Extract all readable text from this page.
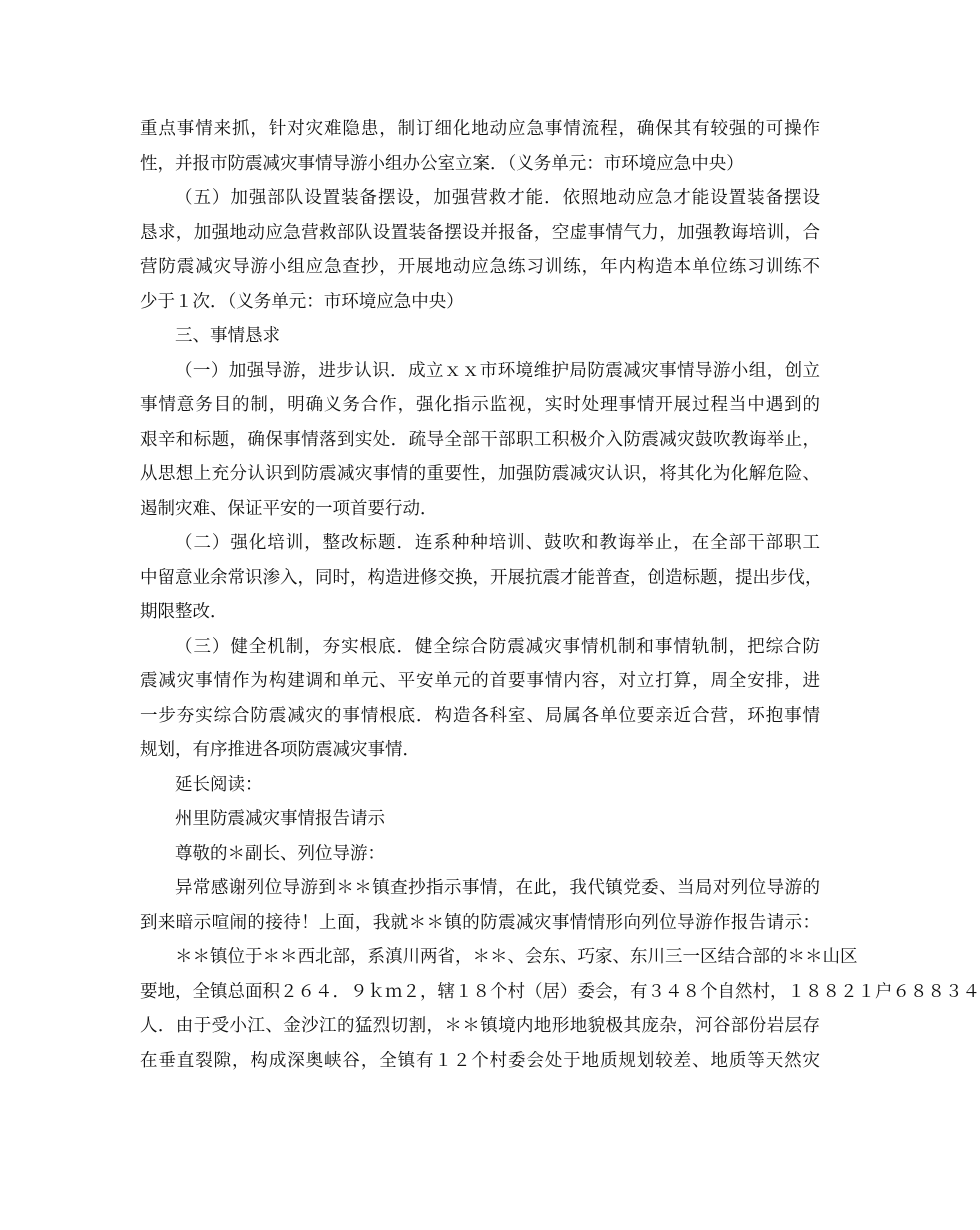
重点事情来抓，针对灾难隐患，制订细化地动应急事情流程，确保其有较强的可操作
性，并报市防震减灾事情导游小组办公室立案．（义务单元：市环境应急中央）
（五）加强部队设置装备摆设，加强营救才能．依照地动应急才能设置装备摆设
恳求，加强地动应急营救部队设置装备摆设并报备，空虚事情气力，加强教诲培训，合
营防震减灾导游小组应急查抄，开展地动应急练习训练，年内构造本单位练习训练不
少于１次．（义务单元：市环境应急中央）
三、事情恳求
（一）加强导游，进步认识．成立ｘｘ市环境维护局防震减灾事情导游小组，创立
事情意务目的制，明确义务合作，强化指示监视，实时处理事情开展过程当中遇到的
艰辛和标题，确保事情落到实处．疏导全部干部职工积极介入防震减灾鼓吹教诲举止，
从思想上充分认识到防震减灾事情的重要性，加强防震减灾认识，将其化为化解危险、
遏制灾难、保证平安的一项首要行动．
（二）强化培训，整改标题．连系种种培训、鼓吹和教诲举止，在全部干部职工
中留意业余常识渗入，同时，构造进修交换，开展抗震才能普查，创造标题，提出步伐，
期限整改．
（三）健全机制，夯实根底．健全综合防震减灾事情机制和事情轨制，把综合防
震减灾事情作为构建调和单元、平安单元的首要事情内容，对立打算，周全安排，进
一步夯实综合防震减灾的事情根底．构造各科室、局属各单位要亲近合营，环抱事情
规划，有序推进各项防震减灾事情．
延长阅读：
州里防震减灾事情报告请示
尊敬的＊副长、列位导游：
异常感谢列位导游到＊＊镇查抄指示事情，在此，我代镇党委、当局对列位导游的
到来暗示喧闹的接待！上面，我就＊＊镇的防震减灾事情情形向列位导游作报告请示：
＊＊镇位于＊＊西北部，系滇川两省，＊＊、会东、巧家、东川三一区结合部的＊＊山区
要地，全镇总面积２６４．９ｋｍ２，辖１８个村（居）委会，有３４８个自然村，１８８２１户６８８３４
人．由于受小江、金沙江的猛烈切割，＊＊镇境内地形地貌极其庞杂，河谷部份岩层存
在垂直裂隙，构成深奥峡谷，全镇有１２个村委会处于地质规划较差、地质等天然灾
